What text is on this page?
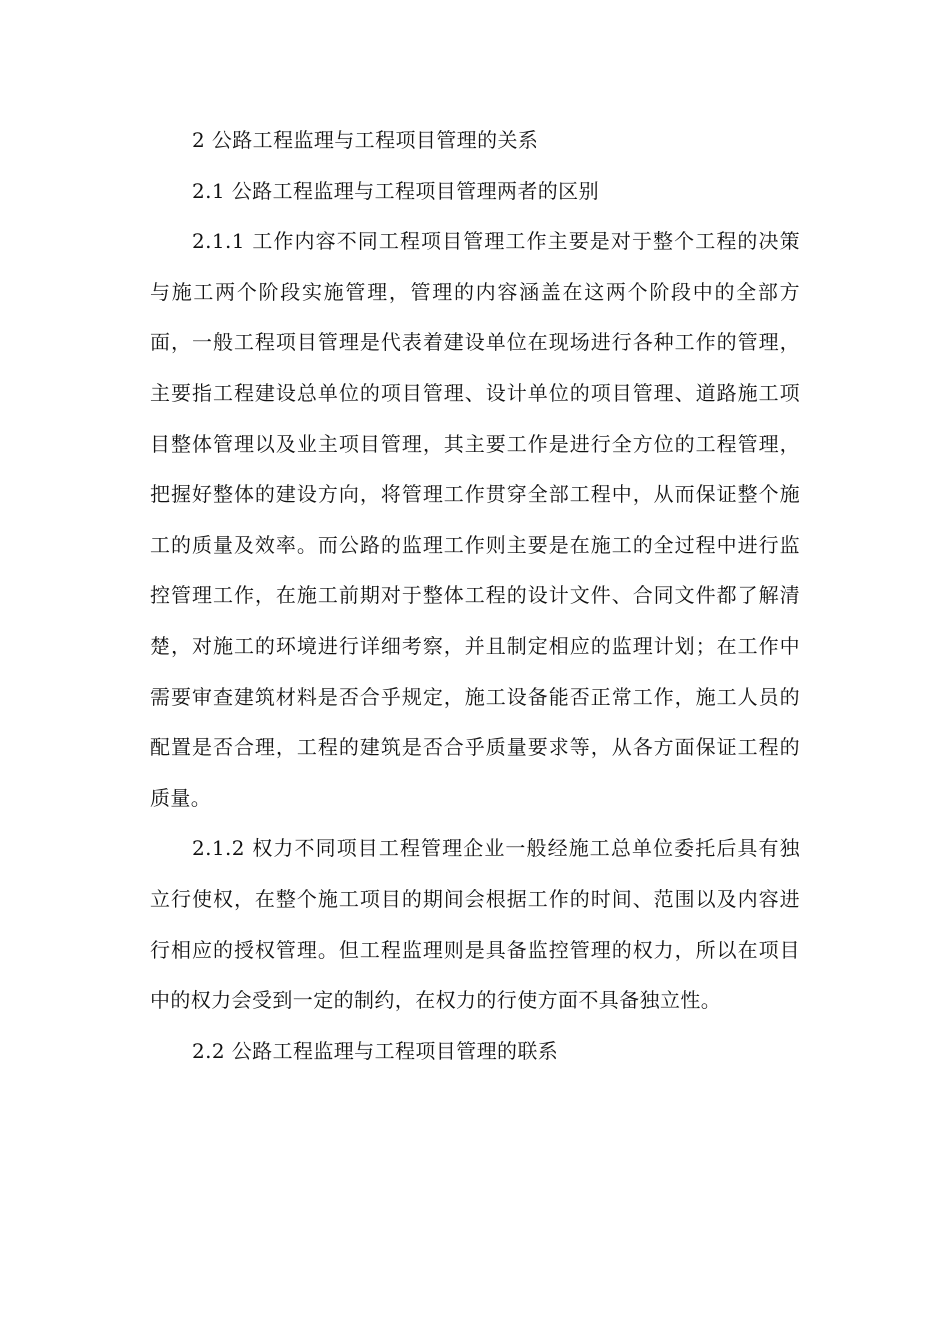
2 公路工程监理与工程项目管理的关系

2.1 公路工程监理与工程项目管理两者的区别

2.1.1 工作内容不同工程项目管理工作主要是对于整个工程的决策与施工两个阶段实施管理，管理的内容涵盖在这两个阶段中的全部方面，一般工程项目管理是代表着建设单位在现场进行各种工作的管理，主要指工程建设总单位的项目管理、设计单位的项目管理、道路施工项目整体管理以及业主项目管理，其主要工作是进行全方位的工程管理，把握好整体的建设方向，将管理工作贯穿全部工程中，从而保证整个施工的质量及效率。而公路的监理工作则主要是在施工的全过程中进行监控管理工作，在施工前期对于整体工程的设计文件、合同文件都了解清楚，对施工的环境进行详细考察，并且制定相应的监理计划；在工作中需要审查建筑材料是否合乎规定，施工设备能否正常工作，施工人员的配置是否合理，工程的建筑是否合乎质量要求等，从各方面保证工程的质量。

2.1.2 权力不同项目工程管理企业一般经施工总单位委托后具有独立行使权，在整个施工项目的期间会根据工作的时间、范围以及内容进行相应的授权管理。但工程监理则是具备监控管理的权力，所以在项目中的权力会受到一定的制约，在权力的行使方面不具备独立性。

2.2 公路工程监理与工程项目管理的联系
